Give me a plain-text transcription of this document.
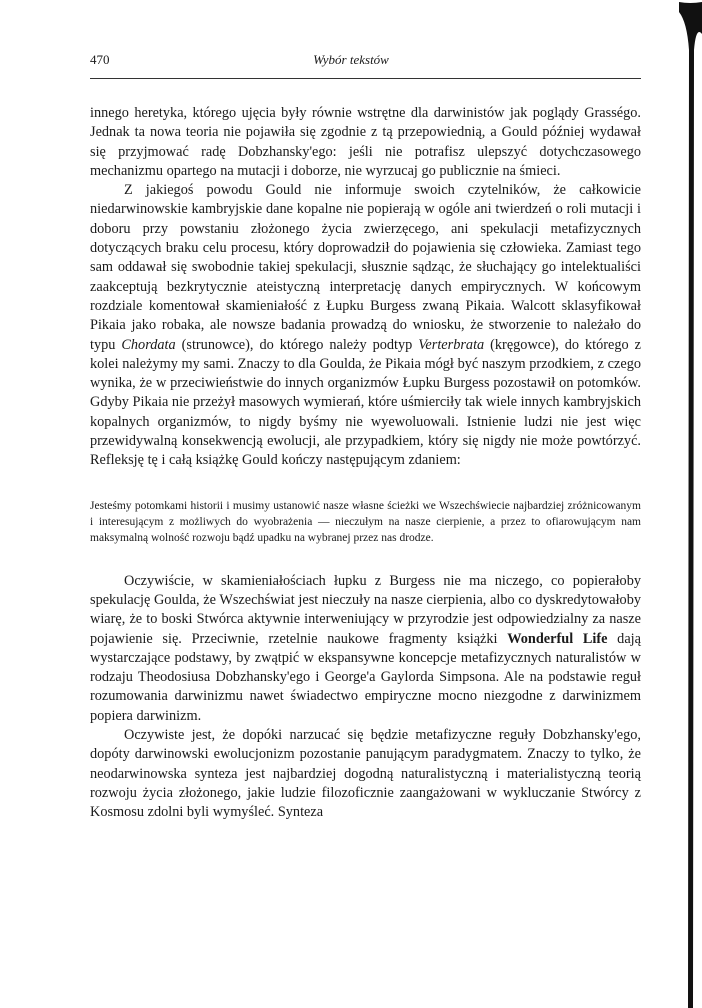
470	Wybór tekstów

innego heretyka, którego ujęcia były równie wstrętne dla darwinistów jak poglądy Grasségo. Jednak ta nowa teoria nie pojawiła się zgodnie z tą przepowiednią, a Gould później wydawał się przyjmować radę Dobzhansky'ego: jeśli nie potrafisz ulepszyć dotychczasowego mechanizmu opartego na mutacji i doborze, nie wyrzucaj go publicznie na śmieci.

Z jakiegoś powodu Gould nie informuje swoich czytelników, że całkowicie niedarwinowskie kambryjskie dane kopalne nie popierają w ogóle ani twierdzeń o roli mutacji i doboru przy powstaniu złożonego życia zwierzęcego, ani spekulacji metafizycznych dotyczących braku celu procesu, który doprowadził do pojawienia się człowieka. Zamiast tego sam oddawał się swobodnie takiej spekulacji, słusznie sądząc, że słuchający go intelektualiści zaakceptują bezkrytycznie ateistyczną interpretację danych empirycznych. W końcowym rozdziale komentował skamieniałość z Łupku Burgess zwaną Pikaia. Walcott sklasyfikował Pikaia jako robaka, ale nowsze badania prowadzą do wniosku, że stworzenie to należało do typu Chordata (strunowce), do którego należy podtyp Verterbrata (kręgowce), do którego z kolei należymy my sami. Znaczy to dla Goulda, że Pikaia mógł być naszym przodkiem, z czego wynika, że w przeciwieństwie do innych organizmów Łupku Burgess pozostawił on potomków. Gdyby Pikaia nie przeżył masowych wymierań, które uśmierciły tak wiele innych kambryjskich kopalnych organizmów, to nigdy byśmy nie wyewoluowali. Istnienie ludzi nie jest więc przewidywalną konsekwencją ewolucji, ale przypadkiem, który się nigdy nie może powtórzyć. Refleksję tę i całą książkę Gould kończy następującym zdaniem:

Jesteśmy potomkami historii i musimy ustanowić nasze własne ścieżki we Wszechświecie najbardziej zróżnicowanym i interesującym z możliwych do wyobrażenia — nieczułym na nasze cierpienie, a przez to ofiarowującym nam maksymalną wolność rozwoju bądź upadku na wybranej przez nas drodze.

Oczywiście, w skamieniałościach łupku z Burgess nie ma niczego, co popierałoby spekulację Goulda, że Wszechświat jest nieczuły na nasze cierpienia, albo co dyskredytowałoby wiarę, że to boski Stwórca aktywnie interweniujący w przyrodzie jest odpowiedzialny za nasze pojawienie się. Przeciwnie, rzetelnie naukowe fragmenty książki Wonderful Life dają wystarczające podstawy, by zwątpić w ekspansywne koncepcje metafizycznych naturalistów w rodzaju Theodosiusa Dobzhansky'ego i George'a Gaylorda Simpsona. Ale na podstawie reguł rozumowania darwinizmu nawet świadectwo empiryczne mocno niezgodne z darwinizmem popiera darwinizm.

Oczywiste jest, że dopóki narzucać się będzie metafizyczne reguły Dobzhansky'ego, dopóty darwinowski ewolucjonizm pozostanie panującym paradygmatem. Znaczy to tylko, że neodarwinowska synteza jest najbardziej dogodną naturalistyczną i materialistyczną teorią rozwoju życia złożonego, jakie ludzie filozoficznie zaangażowani w wykluczanie Stwórcy z Kosmosu zdolni byli wymyśleć. Synteza
